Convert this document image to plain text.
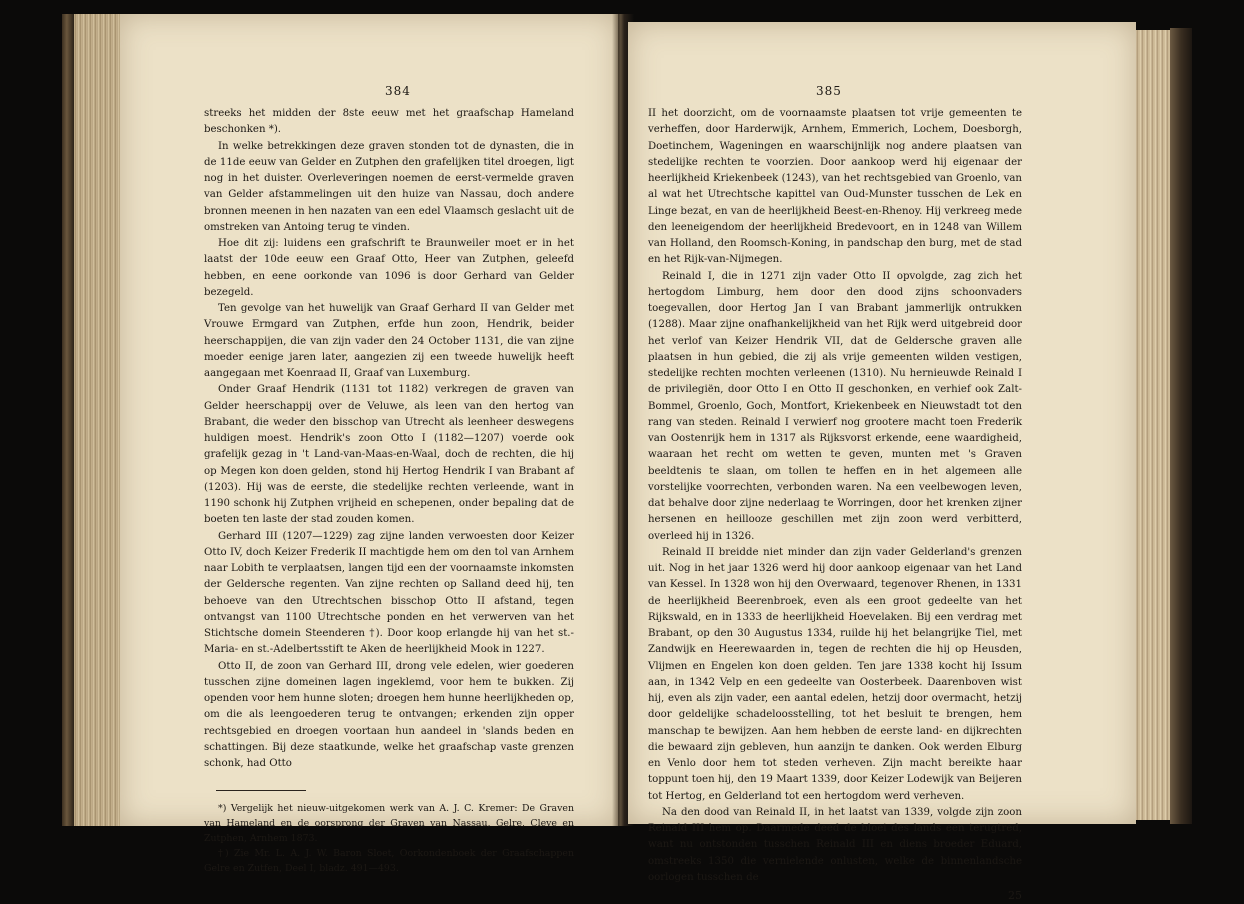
384

streeks het midden der 8ste eeuw met het graafschap Hameland beschonken *).

In welke betrekkingen deze graven stonden tot de dynasten, die in de 11de eeuw van Gelder en Zutphen den grafelijken titel droegen, ligt nog in het duister. Overleveringen noemen de eerst-vermelde graven van Gelder afstammelingen uit den huize van Nassau, doch andere bronnen meenen in hen nazaten van een edel Vlaamsch geslacht uit de omstreken van Antoing terug te vinden.

Hoe dit zij: luidens een grafschrift te Braunweiler moet er in het laatst der 10de eeuw een Graaf Otto, Heer van Zutphen, geleefd hebben, en eene oorkonde van 1096 is door Gerhard van Gelder bezegeld.

Ten gevolge van het huwelijk van Graaf Gerhard II van Gelder met Vrouwe Ermgard van Zutphen, erfde hun zoon, Hendrik, beider heerschappijen, die van zijn vader den 24 October 1131, die van zijne moeder eenige jaren later, aangezien zij een tweede huwelijk heeft aangegaan met Koenraad II, Graaf van Luxemburg.

Onder Graaf Hendrik (1131 tot 1182) verkregen de graven van Gelder heerschappij over de Veluwe, als leen van den hertog van Brabant, die weder den bisschop van Utrecht als leenheer deswegens huldigen moest. Hendrik's zoon Otto I (1182—1207) voerde ook grafelijk gezag in 't Land-van-Maas-en-Waal, doch de rechten, die hij op Megen kon doen gelden, stond hij Hertog Hendrik I van Brabant af (1203). Hij was de eerste, die stedelijke rechten verleende, want in 1190 schonk hij Zutphen vrijheid en schepenen, onder bepaling dat de boeten ten laste der stad zouden komen.

Gerhard III (1207—1229) zag zijne landen verwoesten door Keizer Otto IV, doch Keizer Frederik II machtigde hem om den tol van Arnhem naar Lobith te verplaatsen, langen tijd een der voornaamste inkomsten der Geldersche regenten. Van zijne rechten op Salland deed hij, ten behoeve van den Utrechtschen bisschop Otto II afstand, tegen ontvangst van 1100 Utrechtsche ponden en het verwerven van het Stichtsche domein Steenderen †). Door koop erlangde hij van het st.-Maria- en st.-Adelbertsstift te Aken de heerlijkheid Mook in 1227.

Otto II, de zoon van Gerhard III, drong vele edelen, wier goederen tusschen zijne domeinen lagen ingeklemd, voor hem te bukken. Zij openden voor hem hunne sloten; droegen hem hunne heerlijkheden op, om die als leengoederen terug te ontvangen; erkenden zijn opper rechtsgebied en droegen voortaan hun aandeel in 'slands beden en schattingen. Bij deze staatkunde, welke het graafschap vaste grenzen schonk, had Otto

*) Vergelijk het nieuw-uitgekomen werk van A. J. C. Kremer: De Graven van Hameland en de oorsprong der Graven van Nassau, Gelre, Cleve en Zutphen, Arnhem 1873.

†) Zie Mr. L. A. J. W. Baron Sloet, Oorkondenboek der Graafschappen Gelre en Zutfen, Deel I, bladz. 491—493.

385

II het doorzicht, om de voornaamste plaatsen tot vrije gemeenten te verheffen, door Harderwijk, Arnhem, Emmerich, Lochem, Doesborgh, Doetinchem, Wageningen en waarschijnlijk nog andere plaatsen van stedelijke rechten te voorzien. Door aankoop werd hij eigenaar der heerlijkheid Kriekenbeek (1243), van het rechtsgebied van Groenlo, van al wat het Utrechtsche kapittel van Oud-Munster tusschen de Lek en Linge bezat, en van de heerlijkheid Beest-en-Rhenoy. Hij verkreeg mede den leeneigendom der heerlijkheid Bredevoort, en in 1248 van Willem van Holland, den Roomsch-Koning, in pandschap den burg, met de stad en het Rijk-van-Nijmegen.

Reinald I, die in 1271 zijn vader Otto II opvolgde, zag zich het hertogdom Limburg, hem door den dood zijns schoonvaders toegevallen, door Hertog Jan I van Brabant jammerlijk ontrukken (1288). Maar zijne onafhankelijkheid van het Rijk werd uitgebreid door het verlof van Keizer Hendrik VII, dat de Geldersche graven alle plaatsen in hun gebied, die zij als vrije gemeenten wilden vestigen, stedelijke rechten mochten verleenen (1310). Nu hernieuwde Reinald I de privilegiën, door Otto I en Otto II geschonken, en verhief ook Zalt-Bommel, Groenlo, Goch, Montfort, Kriekenbeek en Nieuwstadt tot den rang van steden. Reinald I verwierf nog grootere macht toen Frederik van Oostenrijk hem in 1317 als Rijksvorst erkende, eene waardigheid, waaraan het recht om wetten te geven, munten met 's Graven beeldtenis te slaan, om tollen te heffen en in het algemeen alle vorstelijke voorrechten, verbonden waren. Na een veelbewogen leven, dat behalve door zijne nederlaag te Worringen, door het krenken zijner hersenen en heillooze geschillen met zijn zoon werd verbitterd, overleed hij in 1326.

Reinald II breidde niet minder dan zijn vader Gelderland's grenzen uit. Nog in het jaar 1326 werd hij door aankoop eigenaar van het Land van Kessel. In 1328 won hij den Overwaard, tegenover Rhenen, in 1331 de heerlijkheid Beerenbroek, even als een groot gedeelte van het Rijkswald, en in 1333 de heerlijkheid Hoevelaken. Bij een verdrag met Brabant, op den 30 Augustus 1334, ruilde hij het belangrijke Tiel, met Zandwijk en Heerewaarden in, tegen de rechten die hij op Heusden, Vlijmen en Engelen kon doen gelden. Ten jare 1338 kocht hij Issum aan, in 1342 Velp en een gedeelte van Oosterbeek. Daarenboven wist hij, even als zijn vader, een aantal edelen, hetzij door overmacht, hetzij door geldelijke schadeloosstelling, tot het besluit te brengen, hem manschap te bewijzen. Aan hem hebben de eerste land- en dijkrechten die bewaard zijn gebleven, hun aanzijn te danken. Ook werden Elburg en Venlo door hem tot steden verheven. Zijn macht bereikte haar toppunt toen hij, den 19 Maart 1339, door Keizer Lodewijk van Beijeren tot Hertog, en Gelderland tot een hertogdom werd verheven.

Na den dood van Reinald II, in het laatst van 1339, volgde zijn zoon Reinald III hem op. Daarmede deed de bloei des lands een terugtred, want nu ontstonden tusschen Reinald III en diens broeder Eduard, omstreeks 1350 die vernielende onlusten, welke de binnenlandsche oorlogen tusschen de

25
